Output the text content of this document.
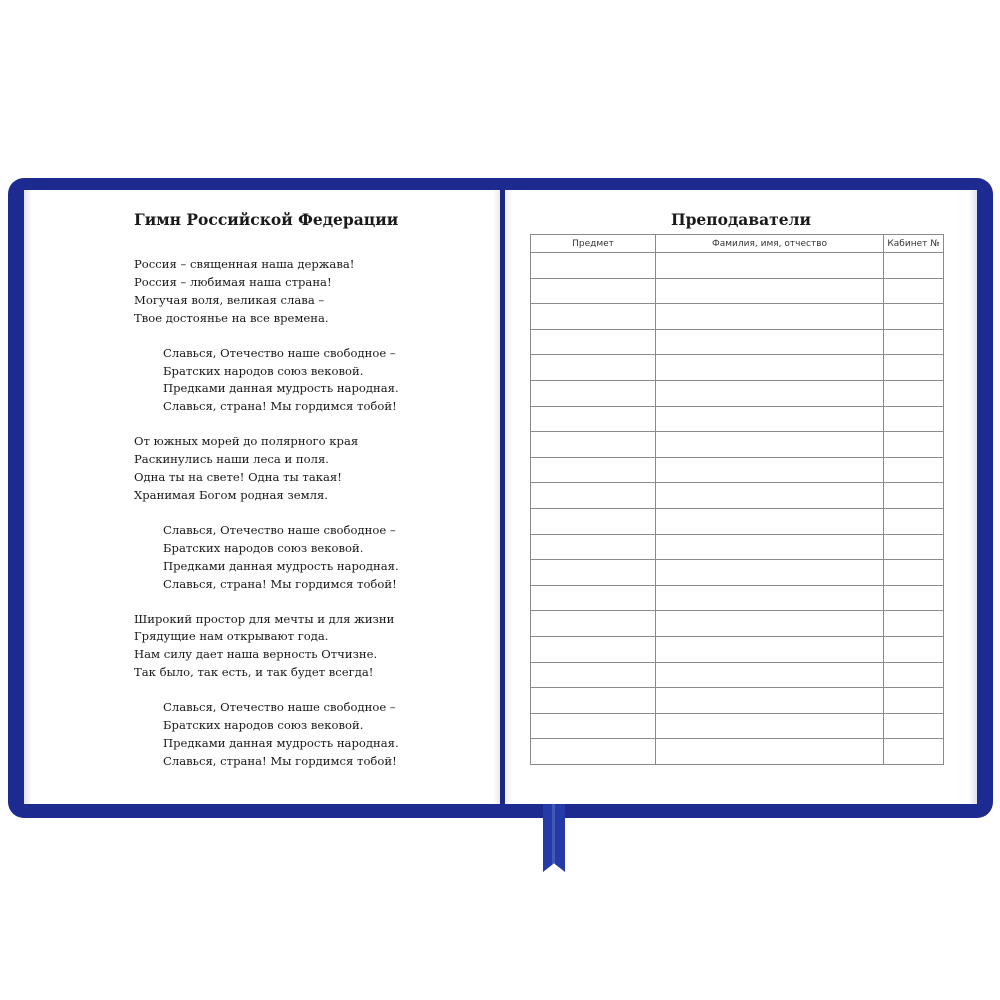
Гимн Российской Федерации
Россия – священная наша держава!
Россия – любимая наша страна!
Могучая воля, великая слава –
Твое достоянье на все времена.
Славься, Отечество наше свободное –
Братских народов союз вековой.
Предками данная мудрость народная.
Славься, страна! Мы гордимся тобой!
От южных морей до полярного края
Раскинулись наши леса и поля.
Одна ты на свете! Одна ты такая!
Хранимая Богом родная земля.
Славься, Отечество наше свободное –
Братских народов союз вековой.
Предками данная мудрость народная.
Славься, страна! Мы гордимся тобой!
Широкий простор для мечты и для жизни
Грядущие нам открывают года.
Нам силу дает наша верность Отчизне.
Так было, так есть, и так будет всегда!
Славься, Отечество наше свободное –
Братских народов союз вековой.
Предками данная мудрость народная.
Славься, страна! Мы гордимся тобой!
Преподаватели
Предмет	Фамилия, имя, отчество	Кабинет №
